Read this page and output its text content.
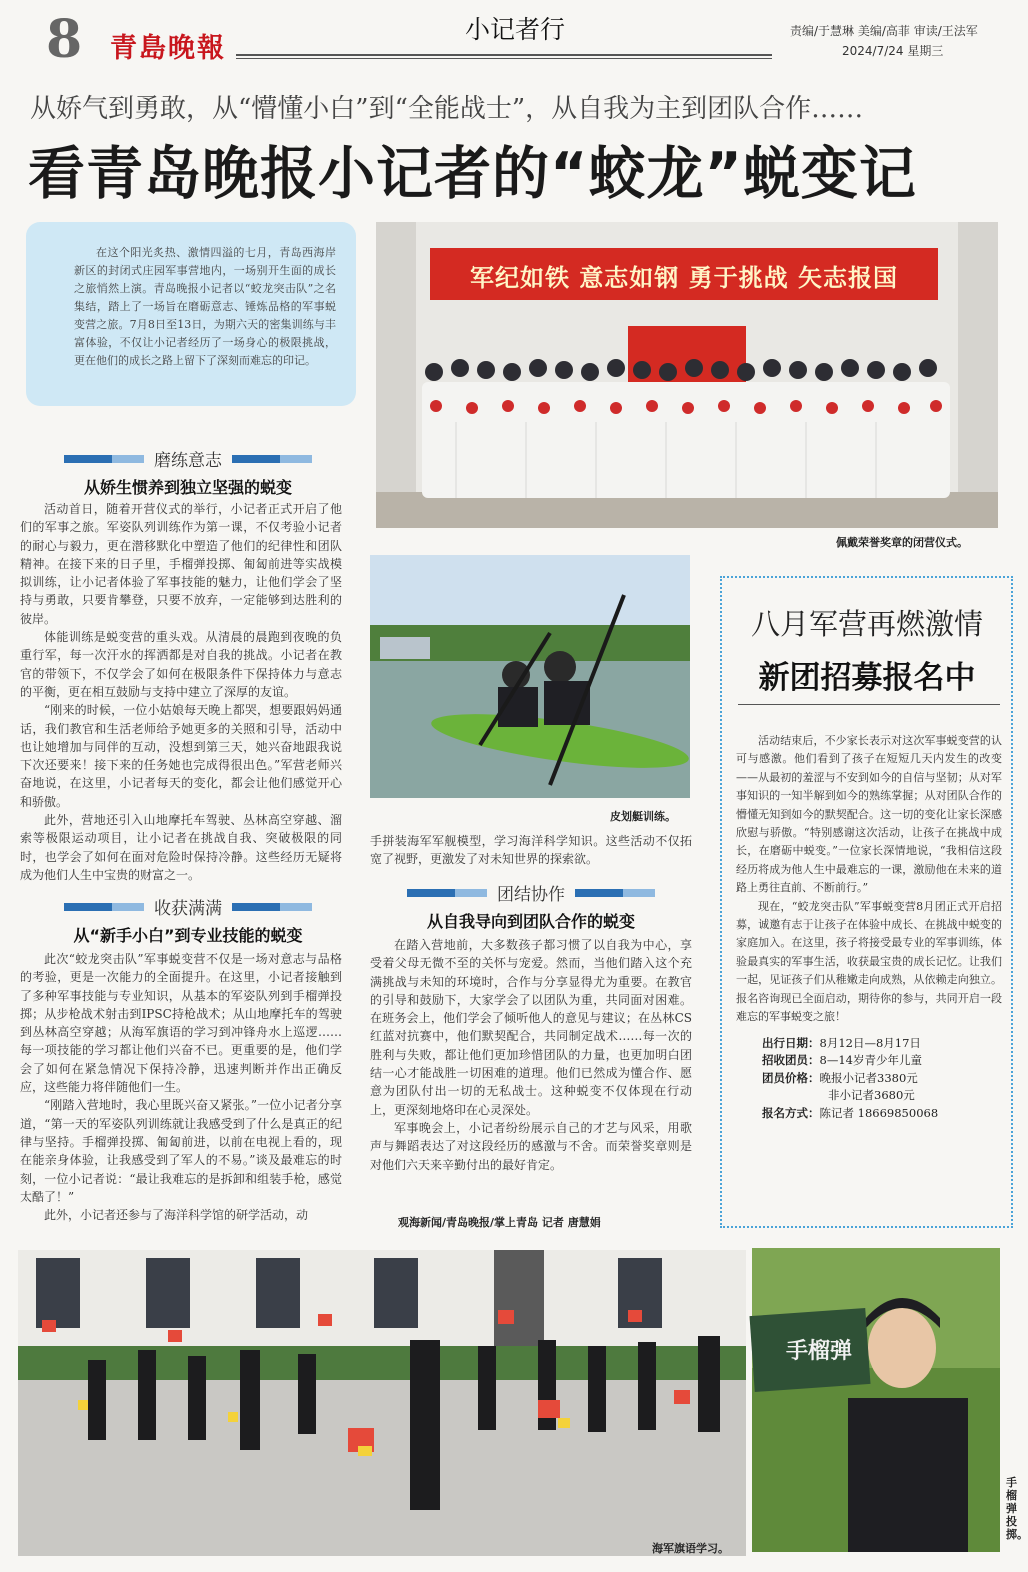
8 青島晚報
小记者行	责编/于慧琳 美编/高菲 审读/王法军
2024/7/24 星期三
从娇气到勇敢，从“懵懂小白”到“全能战士”，从自我为主到团队合作……
看青岛晚报小记者的“蛟龙”蜕变记
在这个阳光炙热、激情四溢的七月，青岛西海岸新区的封闭式庄园军事营地内，一场别开生面的成长之旅悄然上演。青岛晚报小记者以“蛟龙突击队”之名集结，踏上了一场旨在磨砺意志、锤炼品格的军事蜕变营之旅。7月8日至13日，为期六天的密集训练与丰富体验，不仅让小记者经历了一场身心的极限挑战，更在他们的成长之路上留下了深刻而难忘的印记。
军纪如铁 意志如钢 勇于挑战 矢志报国
佩戴荣誉奖章的闭营仪式。
皮划艇训练。
磨练意志
从娇生惯养到独立坚强的蜕变

活动首日，随着开营仪式的举行，小记者正式开启了他们的军事之旅。军姿队列训练作为第一课，不仅考验小记者的耐心与毅力，更在潜移默化中塑造了他们的纪律性和团队精神。在接下来的日子里，手榴弹投掷、匍匐前进等实战模拟训练，让小记者体验了军事技能的魅力，让他们学会了坚持与勇敢，只要肯攀登，只要不放弃，一定能够到达胜利的彼岸。

体能训练是蜕变营的重头戏。从清晨的晨跑到夜晚的负重行军，每一次汗水的挥洒都是对自我的挑战。小记者在教官的带领下，不仅学会了如何在极限条件下保持体力与意志的平衡，更在相互鼓励与支持中建立了深厚的友谊。

“刚来的时候，一位小姑娘每天晚上都哭，想要跟妈妈通话，我们教官和生活老师给予她更多的关照和引导，活动中也让她增加与同伴的互动，没想到第三天，她兴奋地跟我说下次还要来！接下来的任务她也完成得很出色。”军营老师兴奋地说，在这里，小记者每天的变化，都会让他们感觉开心和骄傲。

此外，营地还引入山地摩托车驾驶、丛林高空穿越、溜索等极限运动项目，让小记者在挑战自我、突破极限的同时，也学会了如何在面对危险时保持冷静。这些经历无疑将成为他们人生中宝贵的财富之一。

收获满满
从“新手小白”到专业技能的蜕变

此次“蛟龙突击队”军事蜕变营不仅是一场对意志与品格的考验，更是一次能力的全面提升。在这里，小记者接触到了多种军事技能与专业知识，从基本的军姿队列到手榴弹投掷；从步枪战术射击到IPSC持枪战术；从山地摩托车的驾驶到丛林高空穿越；从海军旗语的学习到冲锋舟水上巡逻……每一项技能的学习都让他们兴奋不已。更重要的是，他们学会了如何在紧急情况下保持冷静，迅速判断并作出正确反应，这些能力将伴随他们一生。

“刚踏入营地时，我心里既兴奋又紧张。”一位小记者分享道，“第一天的军姿队列训练就让我感受到了什么是真正的纪律与坚持。手榴弹投掷、匍匐前进，以前在电视上看的，现在能亲身体验，让我感受到了军人的不易。”谈及最难忘的时刻，一位小记者说：“最让我难忘的是拆卸和组装手枪，感觉太酷了！”

此外，小记者还参与了海洋科学馆的研学活动，动

手拼装海军军舰模型，学习海洋科学知识。这些活动不仅拓宽了视野，更激发了对未知世界的探索欲。

团结协作
从自我导向到团队合作的蜕变

在踏入营地前，大多数孩子都习惯了以自我为中心，享受着父母无微不至的关怀与宠爱。然而，当他们踏入这个充满挑战与未知的环境时，合作与分享显得尤为重要。在教官的引导和鼓励下，大家学会了以团队为重，共同面对困难。在班务会上，他们学会了倾听他人的意见与建议；在丛林CS红蓝对抗赛中，他们默契配合，共同制定战术……每一次的胜利与失败，都让他们更加珍惜团队的力量，也更加明白团结一心才能战胜一切困难的道理。他们已然成为懂合作、愿意为团队付出一切的无私战士。这种蜕变不仅体现在行动上，更深刻地烙印在心灵深处。

军事晚会上，小记者纷纷展示自己的才艺与风采，用歌声与舞蹈表达了对这段经历的感激与不舍。而荣誉奖章则是对他们六天来辛勤付出的最好肯定。

观海新闻/青岛晚报/掌上青岛 记者 唐慧娟
八月军营再燃激情
新团招募报名中

活动结束后，不少家长表示对这次军事蜕变营的认可与感激。他们看到了孩子在短短几天内发生的改变——从最初的羞涩与不安到如今的自信与坚韧；从对军事知识的一知半解到如今的熟练掌握；从对团队合作的懵懂无知到如今的默契配合。这一切的变化让家长深感欣慰与骄傲。“特别感谢这次活动，让孩子在挑战中成长，在磨砺中蜕变。”一位家长深情地说，“我相信这段经历将成为他人生中最难忘的一课，激励他在未来的道路上勇往直前、不断前行。”

现在，“蛟龙突击队”军事蜕变营8月团正式开启招募，诚邀有志于让孩子在体验中成长、在挑战中蜕变的家庭加入。在这里，孩子将接受最专业的军事训练，体验最真实的军事生活，收获最宝贵的成长记忆。让我们一起，见证孩子们从稚嫩走向成熟，从依赖走向独立。报名咨询现已全面启动，期待你的参与，共同开启一段难忘的军事蜕变之旅！

出行日期：8月12日—8月17日
招收团员：8—14岁青少年儿童
团员价格：晚报小记者3380元
非小记者3680元
报名方式：陈记者 18669850068
海军旗语学习。
手榴弹
手榴弹投掷。
